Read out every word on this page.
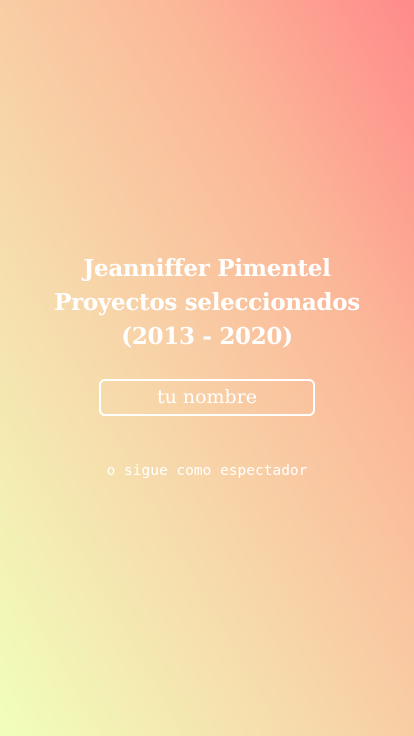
Jeanniffer Pimentel
Proyectos seleccionados
(2013 - 2020)
tu nombre
o sigue como espectador
